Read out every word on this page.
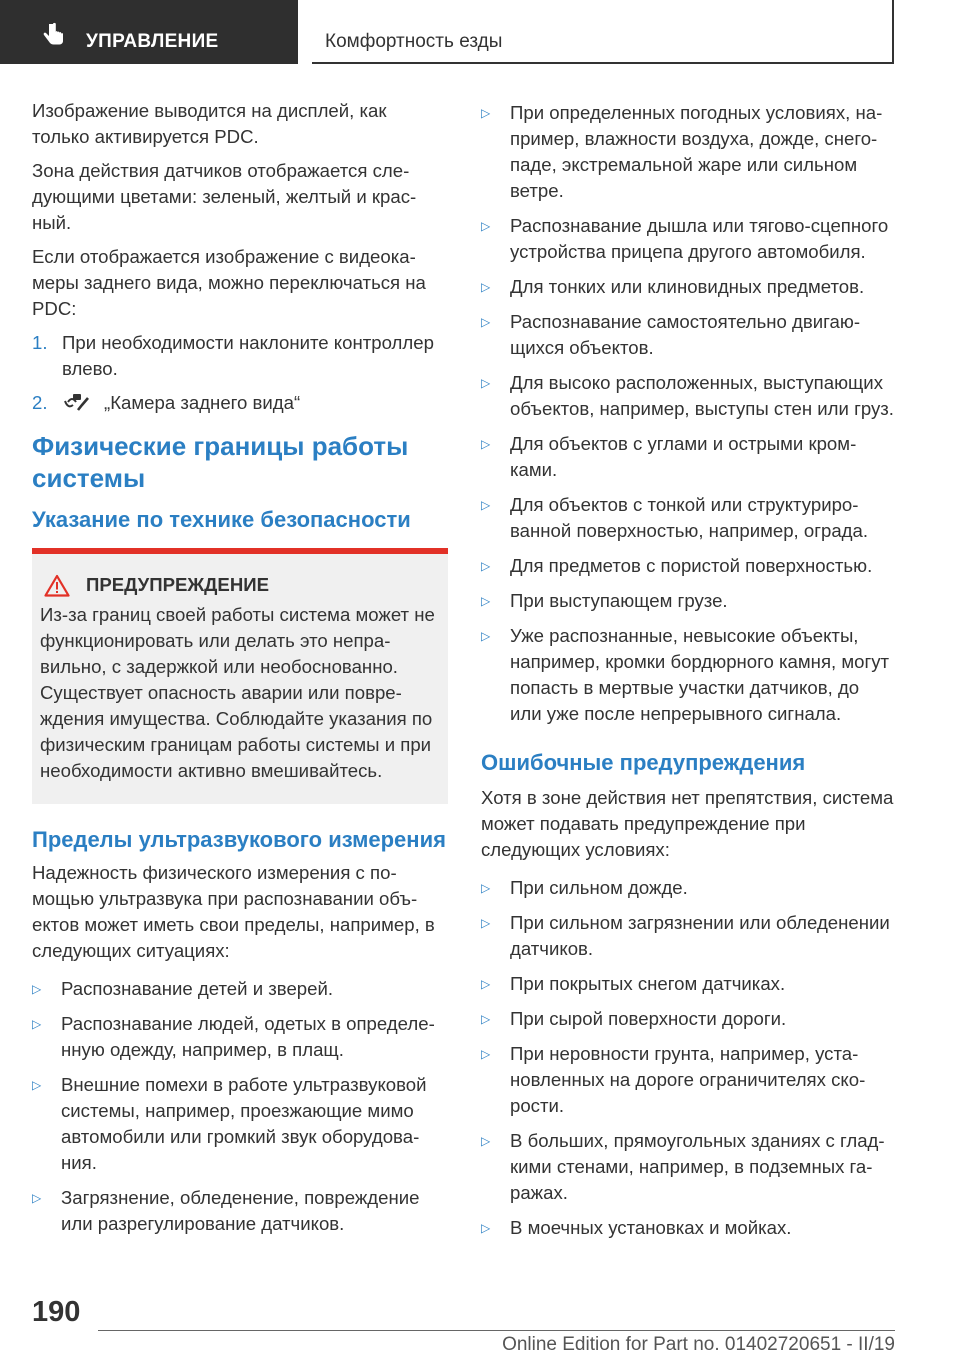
УПРАВЛЕНИЕ	Комфортность езды

Изображение выводится на дисплей, как только активируется PDC.

Зона действия датчиков отображается следующими цветами: зеленый, желтый и красный.

Если отображается изображение с видеокамеры заднего вида, можно переключаться на PDC:

1. При необходимости наклоните контроллер влево.
2.	„Камера заднего вида“
Физические границы работы системы
Указание по технике безопасности
ПРЕДУПРЕЖДЕНИЕ
Из-за границ своей работы система может не функционировать или делать это неправильно, с задержкой или необоснованно. Существует опасность аварии или повреждения имущества. Соблюдайте указания по физическим границам работы системы и при необходимости активно вмешивайтесь.
Пределы ультразвукового измерения

Надежность физического измерения с помощью ультразвука при распознавании объектов может иметь свои пределы, например, в следующих ситуациях:

▷	Распознавание детей и зверей.
▷	Распознавание людей, одетых в определенную одежду, например, в плащ.
▷	Внешние помехи в работе ультразвуковой системы, например, проезжающие мимо автомобили или громкий звук оборудования.
▷	Загрязнение, обледенение, повреждение или разрегулирование датчиков.
▷	При определенных погодных условиях, например, влажности воздуха, дожде, снегопаде, экстремальной жаре или сильном ветре.
▷	Распознавание дышла или тягово-сцепного устройства прицепа другого автомобиля.
▷	Для тонких или клиновидных предметов.
▷	Распознавание самостоятельно двигающихся объектов.
▷	Для высоко расположенных, выступающих объектов, например, выступы стен или груз.
▷	Для объектов с углами и острыми кромками.
▷	Для объектов с тонкой или структурированной поверхностью, например, ограда.
▷	Для предметов с пористой поверхностью.
▷	При выступающем грузе.
▷	Уже распознанные, невысокие объекты, например, кромки бордюрного камня, могут попасть в мертвые участки датчиков, до или уже после непрерывного сигнала.
Ошибочные предупреждения

Хотя в зоне действия нет препятствия, система может подавать предупреждение при следующих условиях:

▷	При сильном дожде.
▷	При сильном загрязнении или обледенении датчиков.
▷	При покрытых снегом датчиках.
▷	При сырой поверхности дороги.
▷	При неровности грунта, например, установленных на дороге ограничителях скорости.
▷	В больших, прямоугольных зданиях с гладкими стенами, например, в подземных гаражах.
▷	В моечных установках и мойках.
190
Online Edition for Part no. 01402720651 - II/19
